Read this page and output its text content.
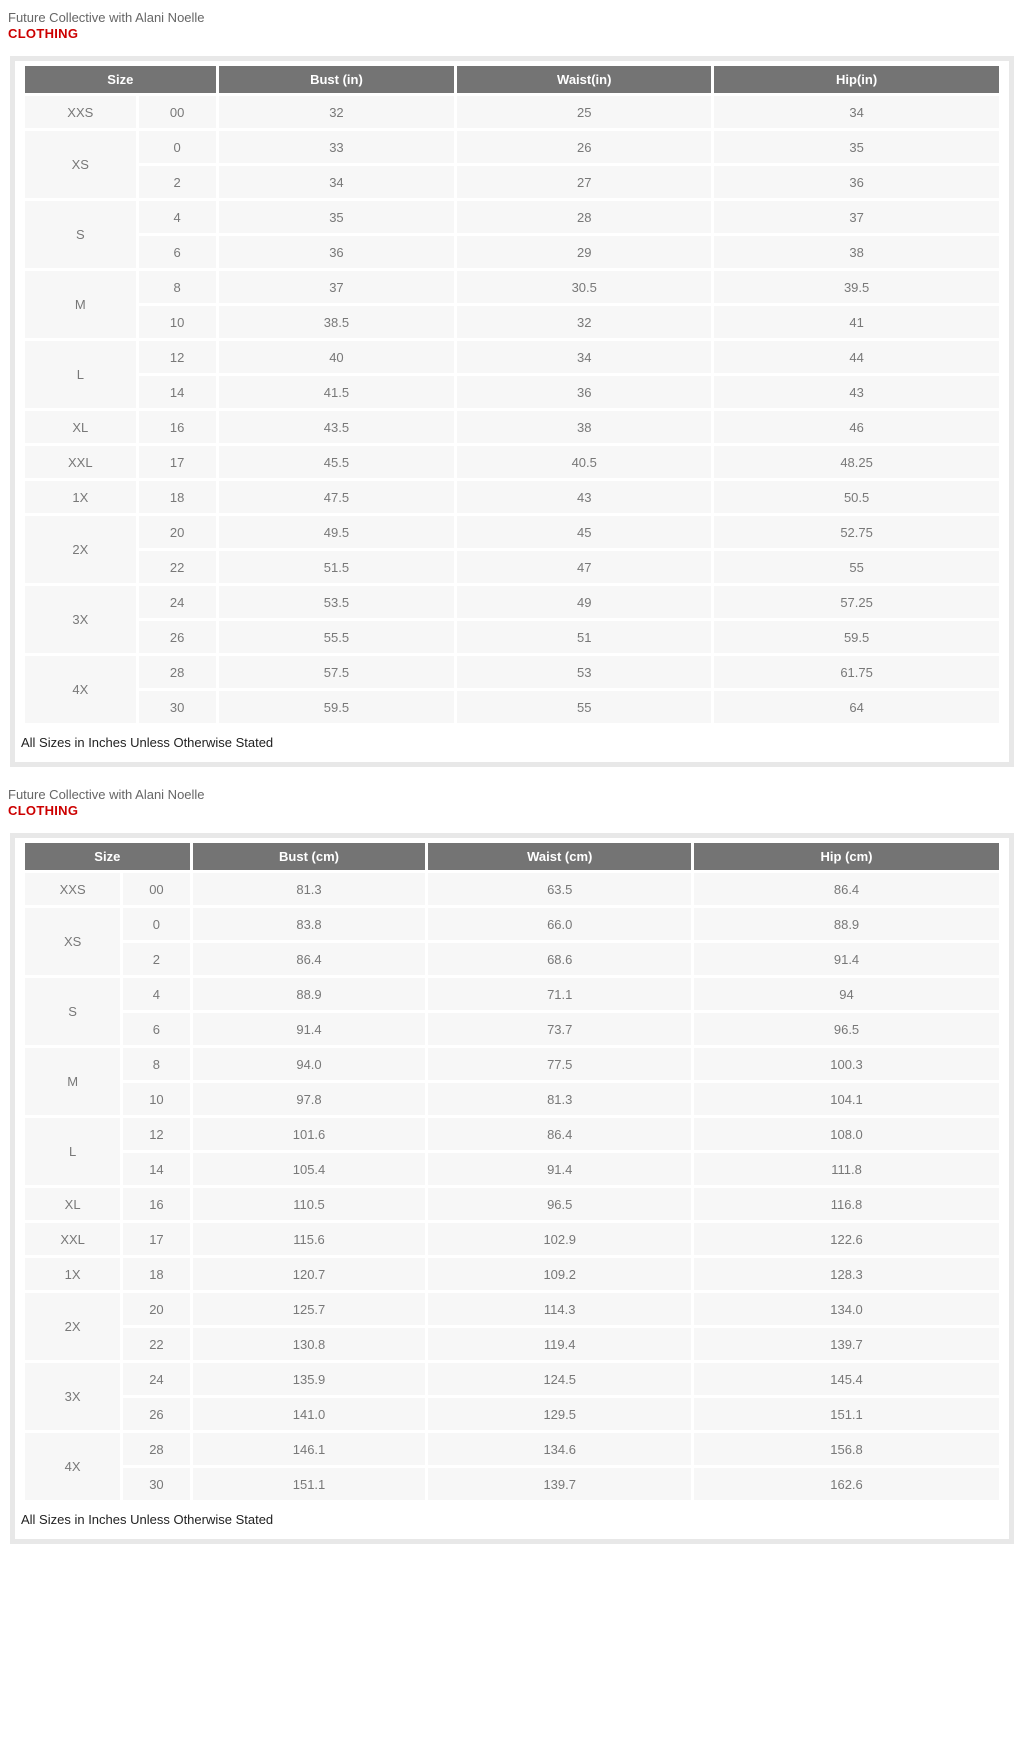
Future Collective with Alani Noelle
CLOTHING
Size		Bust (in)	Waist(in)	Hip(in)
XXS	00	32	25	34
XS	0	33	26	35
	2	34	27	36
S	4	35	28	37
	6	36	29	38
M	8	37	30.5	39.5
	10	38.5	32	41
L	12	40	34	44
	14	41.5	36	43
XL	16	43.5	38	46
XXL	17	45.5	40.5	48.25
1X	18	47.5	43	50.5
2X	20	49.5	45	52.75
	22	51.5	47	55
3X	24	53.5	49	57.25
	26	55.5	51	59.5
4X	28	57.5	53	61.75
	30	59.5	55	64
All Sizes in Inches Unless Otherwise Stated
Future Collective with Alani Noelle
CLOTHING
Size		Bust (cm)	Waist (cm)	Hip (cm)
XXS	00	81.3	63.5	86.4
XS	0	83.8	66.0	88.9
	2	86.4	68.6	91.4
S	4	88.9	71.1	94
	6	91.4	73.7	96.5
M	8	94.0	77.5	100.3
	10	97.8	81.3	104.1
L	12	101.6	86.4	108.0
	14	105.4	91.4	111.8
XL	16	110.5	96.5	116.8
XXL	17	115.6	102.9	122.6
1X	18	120.7	109.2	128.3
2X	20	125.7	114.3	134.0
	22	130.8	119.4	139.7
3X	24	135.9	124.5	145.4
	26	141.0	129.5	151.1
4X	28	146.1	134.6	156.8
	30	151.1	139.7	162.6
All Sizes in Inches Unless Otherwise Stated
